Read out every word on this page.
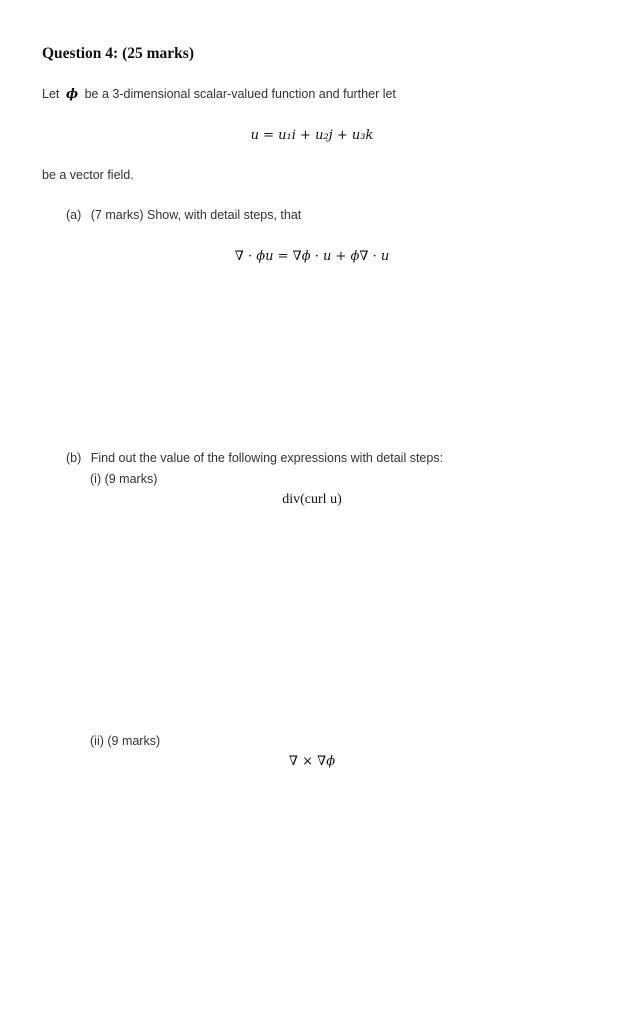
Question 4: (25 marks)
Let ϕ be a 3-dimensional scalar-valued function and further let
u = u₁i + u₂j + u₃k
be a vector field.
(a) (7 marks) Show, with detail steps, that
∇ · ϕu = ∇ϕ · u + ϕ∇ · u
(b) Find out the value of the following expressions with detail steps:
(i) (9 marks)
div(curl u)
(ii) (9 marks)
∇ × ∇ϕ
